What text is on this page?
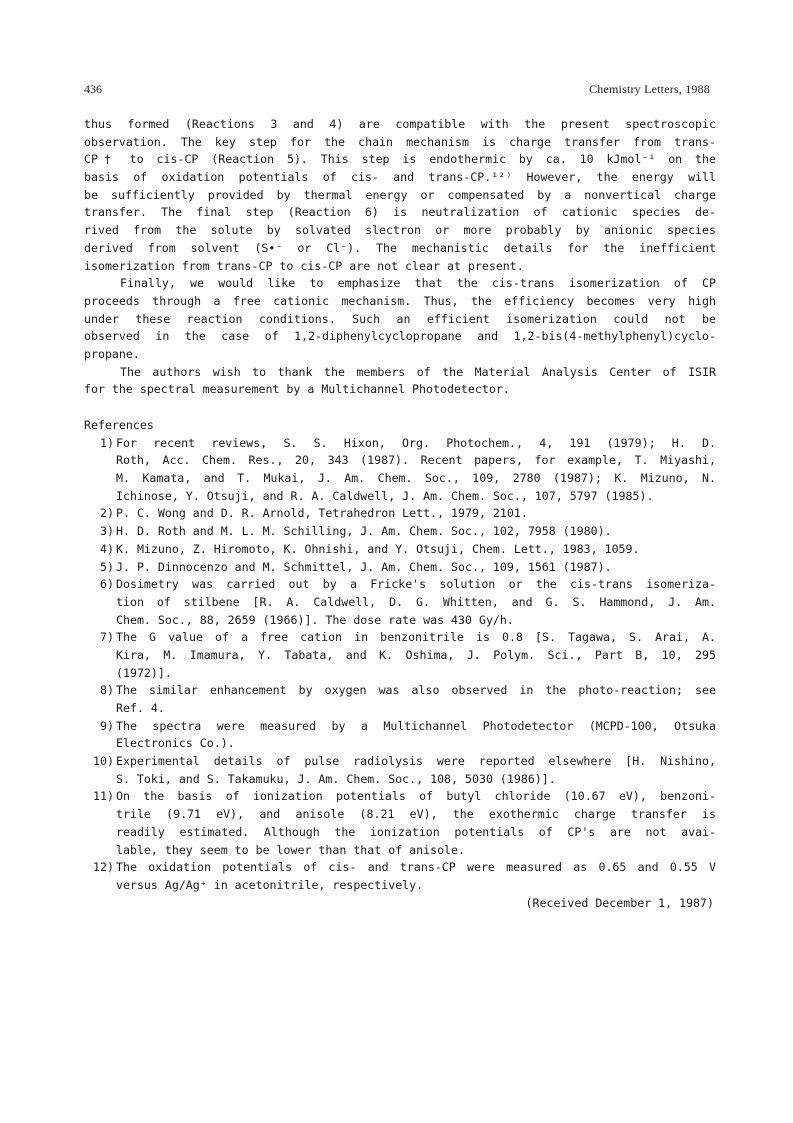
436	Chemistry Letters, 1988
thus formed (Reactions 3 and 4) are compatible with the present spectroscopic
observation. The key step for the chain mechanism is charge transfer from trans-
CP† to cis-CP (Reaction 5). This step is endothermic by ca. 10 kJmol⁻¹ on the
basis of oxidation potentials of cis- and trans-CP.¹²⁾ However, the energy will
be sufficiently provided by thermal energy or compensated by a nonvertical charge
transfer. The final step (Reaction 6) is neutralization of cationic species de-
rived from the solute by solvated slectron or more probably by anionic species
derived from solvent (S•⁻ or Cl⁻). The mechanistic details for the inefficient
isomerization from trans-CP to cis-CP are not clear at present.
Finally, we would like to emphasize that the cis-trans isomerization of CP
proceeds through a free cationic mechanism. Thus, the efficiency becomes very high
under these reaction conditions. Such an efficient isomerization could not be
observed in the case of 1,2-diphenylcyclopropane and 1,2-bis(4-methylphenyl)cyclo-
propane.
The authors wish to thank the members of the Material Analysis Center of ISIR
for the spectral measurement by a Multichannel Photodetector.
References
1) For recent reviews, S. S. Hixon, Org. Photochem., 4, 191 (1979); H. D.
Roth, Acc. Chem. Res., 20, 343 (1987). Recent papers, for example, T. Miyashi,
M. Kamata, and T. Mukai, J. Am. Chem. Soc., 109, 2780 (1987); K. Mizuno, N.
Ichinose, Y. Otsuji, and R. A. Caldwell, J. Am. Chem. Soc., 107, 5797 (1985).
2) P. C. Wong and D. R. Arnold, Tetrahedron Lett., 1979, 2101.
3) H. D. Roth and M. L. M. Schilling, J. Am. Chem. Soc., 102, 7958 (1980).
4) K. Mizuno, Z. Hiromoto, K. Ohnishi, and Y. Otsuji, Chem. Lett., 1983, 1059.
5) J. P. Dinnocenzo and M. Schmittel, J. Am. Chem. Soc., 109, 1561 (1987).
6) Dosimetry was carried out by a Fricke's solution or the cis-trans isomeriza-
tion of stilbene [R. A. Caldwell, D. G. Whitten, and G. S. Hammond, J. Am.
Chem. Soc., 88, 2659 (1966)]. The dose rate was 430 Gy/h.
7) The G value of a free cation in benzonitrile is 0.8 [S. Tagawa, S. Arai, A.
Kira, M. Imamura, Y. Tabata, and K. Oshima, J. Polym. Sci., Part B, 10, 295
(1972)].
8) The similar enhancement by oxygen was also observed in the photo-reaction; see
Ref. 4.
9) The spectra were measured by a Multichannel Photodetector (MCPD-100, Otsuka
Electronics Co.).
10) Experimental details of pulse radiolysis were reported elsewhere [H. Nishino,
S. Toki, and S. Takamuku, J. Am. Chem. Soc., 108, 5030 (1986)].
11) On the basis of ionization potentials of butyl chloride (10.67 eV), benzoni-
trile (9.71 eV), and anisole (8.21 eV), the exothermic charge transfer is
readily estimated. Although the ionization potentials of CP's are not avai-
lable, they seem to be lower than that of anisole.
12) The oxidation potentials of cis- and trans-CP were measured as 0.65 and 0.55 V
versus Ag/Ag⁺ in acetonitrile, respectively.
(Received December 1, 1987)
